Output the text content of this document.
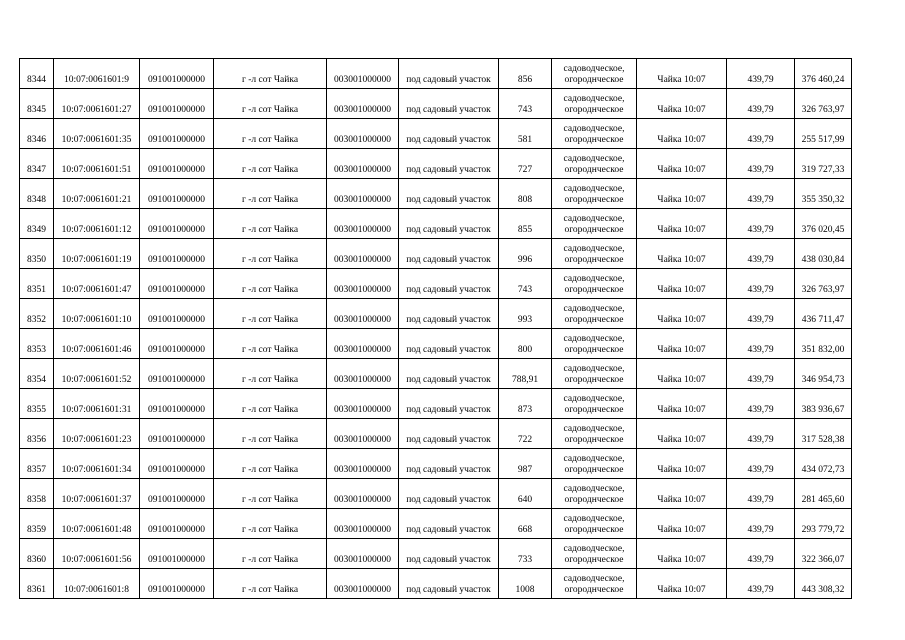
8344	10:07:0061601:9	091001000000	г -л сот Чайка	003001000000	под садовый участок	856	садоводческое,
огороднческое	Чайка 10:07	439,79	376 460,24
8345	10:07:0061601:27	091001000000	г -л сот Чайка	003001000000	под садовый участок	743	садоводческое,
огороднческое	Чайка 10:07	439,79	326 763,97
8346	10:07:0061601:35	091001000000	г -л сот Чайка	003001000000	под садовый участок	581	садоводческое,
огороднческое	Чайка 10:07	439,79	255 517,99
8347	10:07:0061601:51	091001000000	г -л сот Чайка	003001000000	под садовый участок	727	садоводческое,
огороднческое	Чайка 10:07	439,79	319 727,33
8348	10:07:0061601:21	091001000000	г -л сот Чайка	003001000000	под садовый участок	808	садоводческое,
огороднческое	Чайка 10:07	439,79	355 350,32
8349	10:07:0061601:12	091001000000	г -л сот Чайка	003001000000	под садовый участок	855	садоводческое,
огороднческое	Чайка 10:07	439,79	376 020,45
8350	10:07:0061601:19	091001000000	г -л сот Чайка	003001000000	под садовый участок	996	садоводческое,
огороднческое	Чайка 10:07	439,79	438 030,84
8351	10:07:0061601:47	091001000000	г -л сот Чайка	003001000000	под садовый участок	743	садоводческое,
огороднческое	Чайка 10:07	439,79	326 763,97
8352	10:07:0061601:10	091001000000	г -л сот Чайка	003001000000	под садовый участок	993	садоводческое,
огороднческое	Чайка 10:07	439,79	436 711,47
8353	10:07:0061601:46	091001000000	г -л сот Чайка	003001000000	под садовый участок	800	садоводческое,
огороднческое	Чайка 10:07	439,79	351 832,00
8354	10:07:0061601:52	091001000000	г -л сот Чайка	003001000000	под садовый участок	788,91	садоводческое,
огороднческое	Чайка 10:07	439,79	346 954,73
8355	10:07:0061601:31	091001000000	г -л сот Чайка	003001000000	под садовый участок	873	садоводческое,
огороднческое	Чайка 10:07	439,79	383 936,67
8356	10:07:0061601:23	091001000000	г -л сот Чайка	003001000000	под садовый участок	722	садоводческое,
огороднческое	Чайка 10:07	439,79	317 528,38
8357	10:07:0061601:34	091001000000	г -л сот Чайка	003001000000	под садовый участок	987	садоводческое,
огороднческое	Чайка 10:07	439,79	434 072,73
8358	10:07:0061601:37	091001000000	г -л сот Чайка	003001000000	под садовый участок	640	садоводческое,
огороднческое	Чайка 10:07	439,79	281 465,60
8359	10:07:0061601:48	091001000000	г -л сот Чайка	003001000000	под садовый участок	668	садоводческое,
огороднческое	Чайка 10:07	439,79	293 779,72
8360	10:07:0061601:56	091001000000	г -л сот Чайка	003001000000	под садовый участок	733	садоводческое,
огороднческое	Чайка 10:07	439,79	322 366,07
8361	10:07:0061601:8	091001000000	г -л сот Чайка	003001000000	под садовый участок	1008	садоводческое,
огороднческое	Чайка 10:07	439,79	443 308,32
